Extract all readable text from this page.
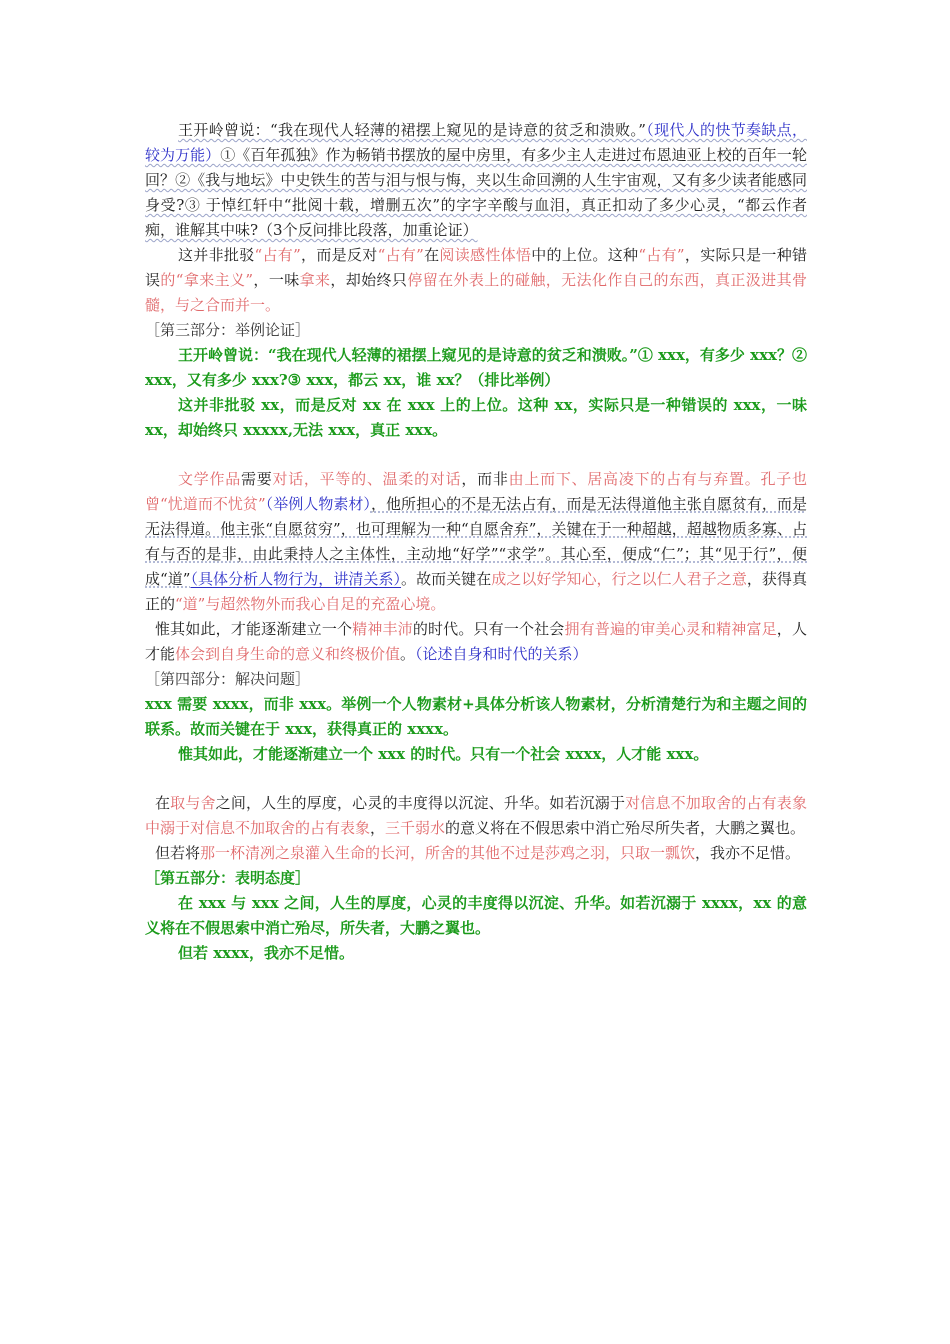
王开岭曾说：“我在现代人轻薄的裙摆上窥见的是诗意的贫乏和溃败。”（现代人的快节奏缺点，较为万能）①《百年孤独》作为畅销书摆放的屋中房里，有多少主人走进过布恩迪亚上校的百年一轮回？②《我与地坛》中史铁生的苦与泪与恨与悔，夹以生命回溯的人生宇宙观，又有多少读者能感同身受?③ 于悼红轩中“批阅十载，增删五次”的字字辛酸与血泪，真正扣动了多少心灵，“都云作者痴，谁解其中味?（3个反问排比段落，加重论证）

这并非批驳“占有”，而是反对“占有”在阅读感性体悟中的上位。这种“占有”，实际只是一种错误的“拿来主义”，一味拿来，却始终只停留在外表上的碰触，无法化作自己的东西，真正汲进其骨髓，与之合而并一。

［第三部分：举例论证］

王开岭曾说：“我在现代人轻薄的裙摆上窥见的是诗意的贫乏和溃败。”① xxx，有多少 xxx？② xxx，又有多少 xxx?③ xxx，都云 xx，谁 xx？（排比举例）

这并非批驳 xx，而是反对 xx 在 xxx 上的上位。这种 xx，实际只是一种错误的 xxx，一味 xx，却始终只 xxxxx,无法 xxx，真正 xxx。

文学作品需要对话，平等的、温柔的对话，而非由上而下、居高凌下的占有与弃置。孔子也曾“忧道而不忧贫”（举例人物素材），他所担心的不是无法占有，而是无法得道他主张自愿贫有，而是无法得道。他主张“自愿贫穷”，也可理解为一种“自愿舍弃”，关键在于一种超越，超越物质多寡、占有与否的是非，由此秉持人之主体性，主动地“好学”“求学”。其心至，便成“仁”；其“见于行”，便成“道”（具体分析人物行为，讲清关系）。故而关键在成之以好学知心，行之以仁人君子之意，获得真正的“道”与超然物外而我心自足的充盈心境。

惟其如此，才能逐渐建立一个精神丰沛的时代。只有一个社会拥有普遍的审美心灵和精神富足，人才能体会到自身生命的意义和终极价值。（论述自身和时代的关系）

［第四部分：解决问题］

xxx 需要 xxxx，而非 xxx。举例一个人物素材+具体分析该人物素材，分析清楚行为和主题之间的联系。故而关键在于 xxx，获得真正的 xxxx。

惟其如此，才能逐渐建立一个 xxx 的时代。只有一个社会 xxxx，人才能 xxx。

在取与舍之间，人生的厚度，心灵的丰度得以沉淀、升华。如若沉溺于对信息不加取舍的占有表象中溺于对信息不加取舍的占有表象，三千弱水的意义将在不假思索中消亡殆尽所失者，大鹏之翼也。

但若将那一杯清冽之泉灌入生命的长河，所舍的其他不过是莎鸡之羽，只取一瓢饮，我亦不足惜。

［第五部分：表明态度］

在 xxx 与 xxx 之间，人生的厚度，心灵的丰度得以沉淀、升华。如若沉溺于 xxxx，xx 的意义将在不假思索中消亡殆尽，所失者，大鹏之翼也。

但若 xxxx，我亦不足惜。
